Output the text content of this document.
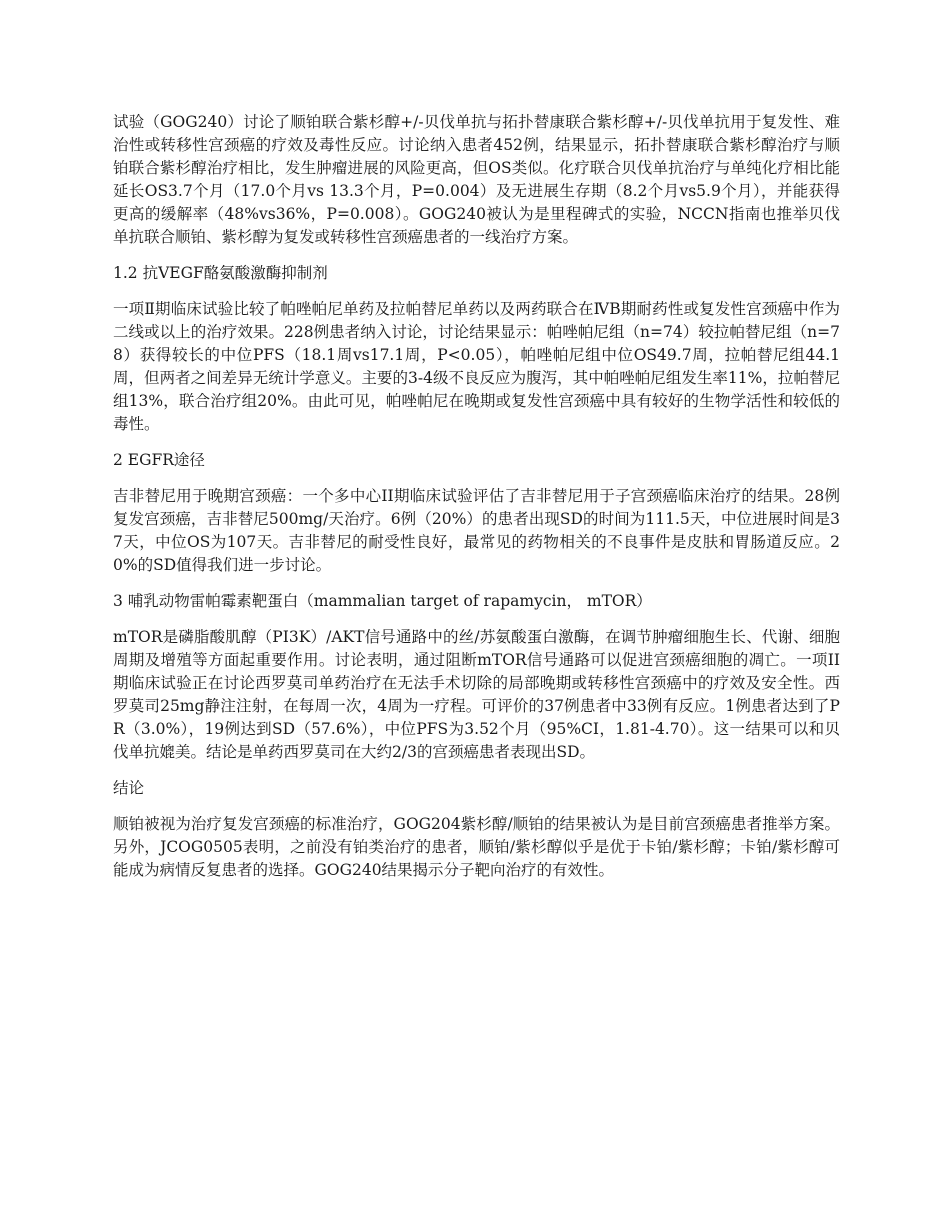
试验（GOG240）讨论了顺铂联合紫杉醇+/-贝伐单抗与拓扑替康联合紫杉醇+/-贝伐单抗用于复发性、难治性或转移性宫颈癌的疗效及毒性反应。讨论纳入患者452例，结果显示，拓扑替康联合紫杉醇治疗与顺铂联合紫杉醇治疗相比，发生肿瘤进展的风险更高，但OS类似。化疗联合贝伐单抗治疗与单纯化疗相比能延长OS3.7个月（17.0个月vs 13.3个月，P=0.004）及无进展生存期（8.2个月vs5.9个月），并能获得更高的缓解率（48%vs36%，P=0.008）。GOG240被认为是里程碑式的实验，NCCN指南也推举贝伐单抗联合顺铂、紫杉醇为复发或转移性宫颈癌患者的一线治疗方案。

1.2 抗VEGF酪氨酸激酶抑制剂

一项Ⅱ期临床试验比较了帕唑帕尼单药及拉帕替尼单药以及两药联合在ⅣB期耐药性或复发性宫颈癌中作为二线或以上的治疗效果。228例患者纳入讨论，讨论结果显示：帕唑帕尼组（n=74）较拉帕替尼组（n=78）获得较长的中位PFS（18.1周vs17.1周，P<0.05），帕唑帕尼组中位OS49.7周，拉帕替尼组44.1周，但两者之间差异无统计学意义。主要的3-4级不良反应为腹泻，其中帕唑帕尼组发生率11%，拉帕替尼组13%，联合治疗组20%。由此可见，帕唑帕尼在晚期或复发性宫颈癌中具有较好的生物学活性和较低的毒性。

2 EGFR途径

吉非替尼用于晚期宫颈癌：一个多中心II期临床试验评估了吉非替尼用于子宫颈癌临床治疗的结果。28例复发宫颈癌，吉非替尼500mg/天治疗。6例（20%）的患者出现SD的时间为111.5天，中位进展时间是37天，中位OS为107天。吉非替尼的耐受性良好，最常见的药物相关的不良事件是皮肤和胃肠道反应。20%的SD值得我们进一步讨论。

3 哺乳动物雷帕霉素靶蛋白（mammalian target of rapamycin， mTOR）

mTOR是磷脂酸肌醇（PI3K）/AKT信号通路中的丝/苏氨酸蛋白激酶，在调节肿瘤细胞生长、代谢、细胞周期及增殖等方面起重要作用。讨论表明，通过阻断mTOR信号通路可以促进宫颈癌细胞的凋亡。一项II期临床试验正在讨论西罗莫司单药治疗在无法手术切除的局部晚期或转移性宫颈癌中的疗效及安全性。西罗莫司25mg静注注射，在每周一次，4周为一疗程。可评价的37例患者中33例有反应。1例患者达到了PR（3.0%），19例达到SD（57.6%），中位PFS为3.52个月（95%CI，1.81-4.70）。这一结果可以和贝伐单抗媲美。结论是单药西罗莫司在大约2/3的宫颈癌患者表现出SD。

结论

顺铂被视为治疗复发宫颈癌的标准治疗，GOG204紫杉醇/顺铂的结果被认为是目前宫颈癌患者推举方案。另外，JCOG0505表明，之前没有铂类治疗的患者，顺铂/紫杉醇似乎是优于卡铂/紫杉醇；卡铂/紫杉醇可能成为病情反复患者的选择。GOG240结果揭示分子靶向治疗的有效性。
